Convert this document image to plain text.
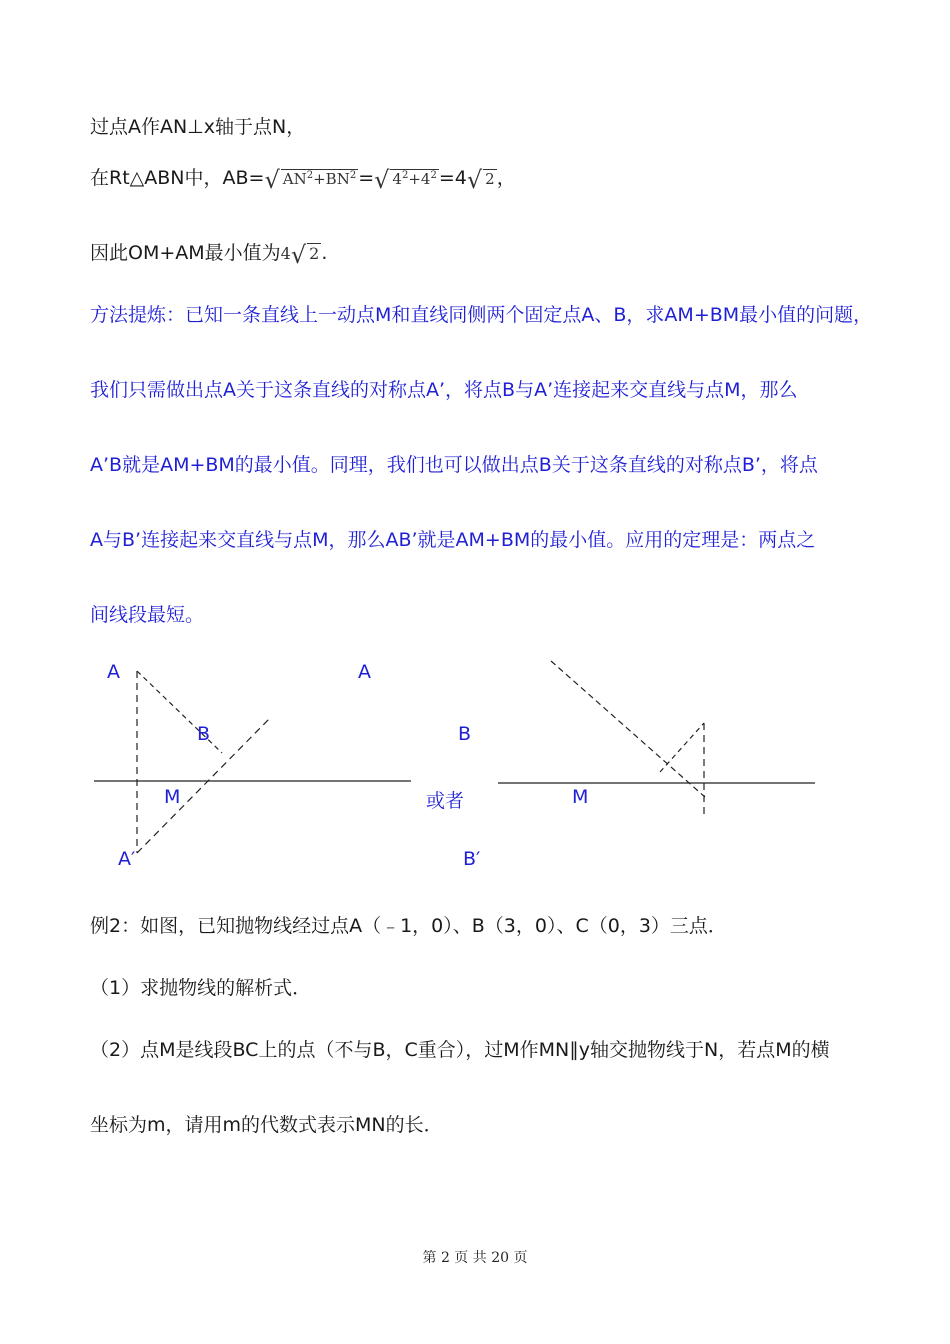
过点A作AN⊥x轴于点N，
在Rt△ABN中，AB=√ $AN^2+BN^2$ =√ $4^2+4^2 =4√$ 2 ，
因此OM+AM最小值为4√ 2 .
方法提炼：已知一条直线上一动点M和直线同侧两个固定点A、B，求AM+BM最小值的问题，
我们只需做出点A关于这条直线的对称点A’，将点B与A’连接起来交直线与点M，那么
A’B就是AM+BM的最小值。同理，我们也可以做出点B关于这条直线的对称点B’，将点
A与B’连接起来交直线与点M，那么AB’就是AM+BM的最小值。应用的定理是：两点之
间线段最短。
A
B
M
A′
A
B
或者	M
B′
例2：如图，已知抛物线经过点A（﹣1，0）、B（3，0）、C（0，3）三点．
（1）求抛物线的解析式．
（2）点M是线段BC上的点（不与B，C重合），过M作MN∥y轴交抛物线于N，若点M的横
坐标为m，请用m的代数式表示MN的长．
第 2 页 共 20 页
